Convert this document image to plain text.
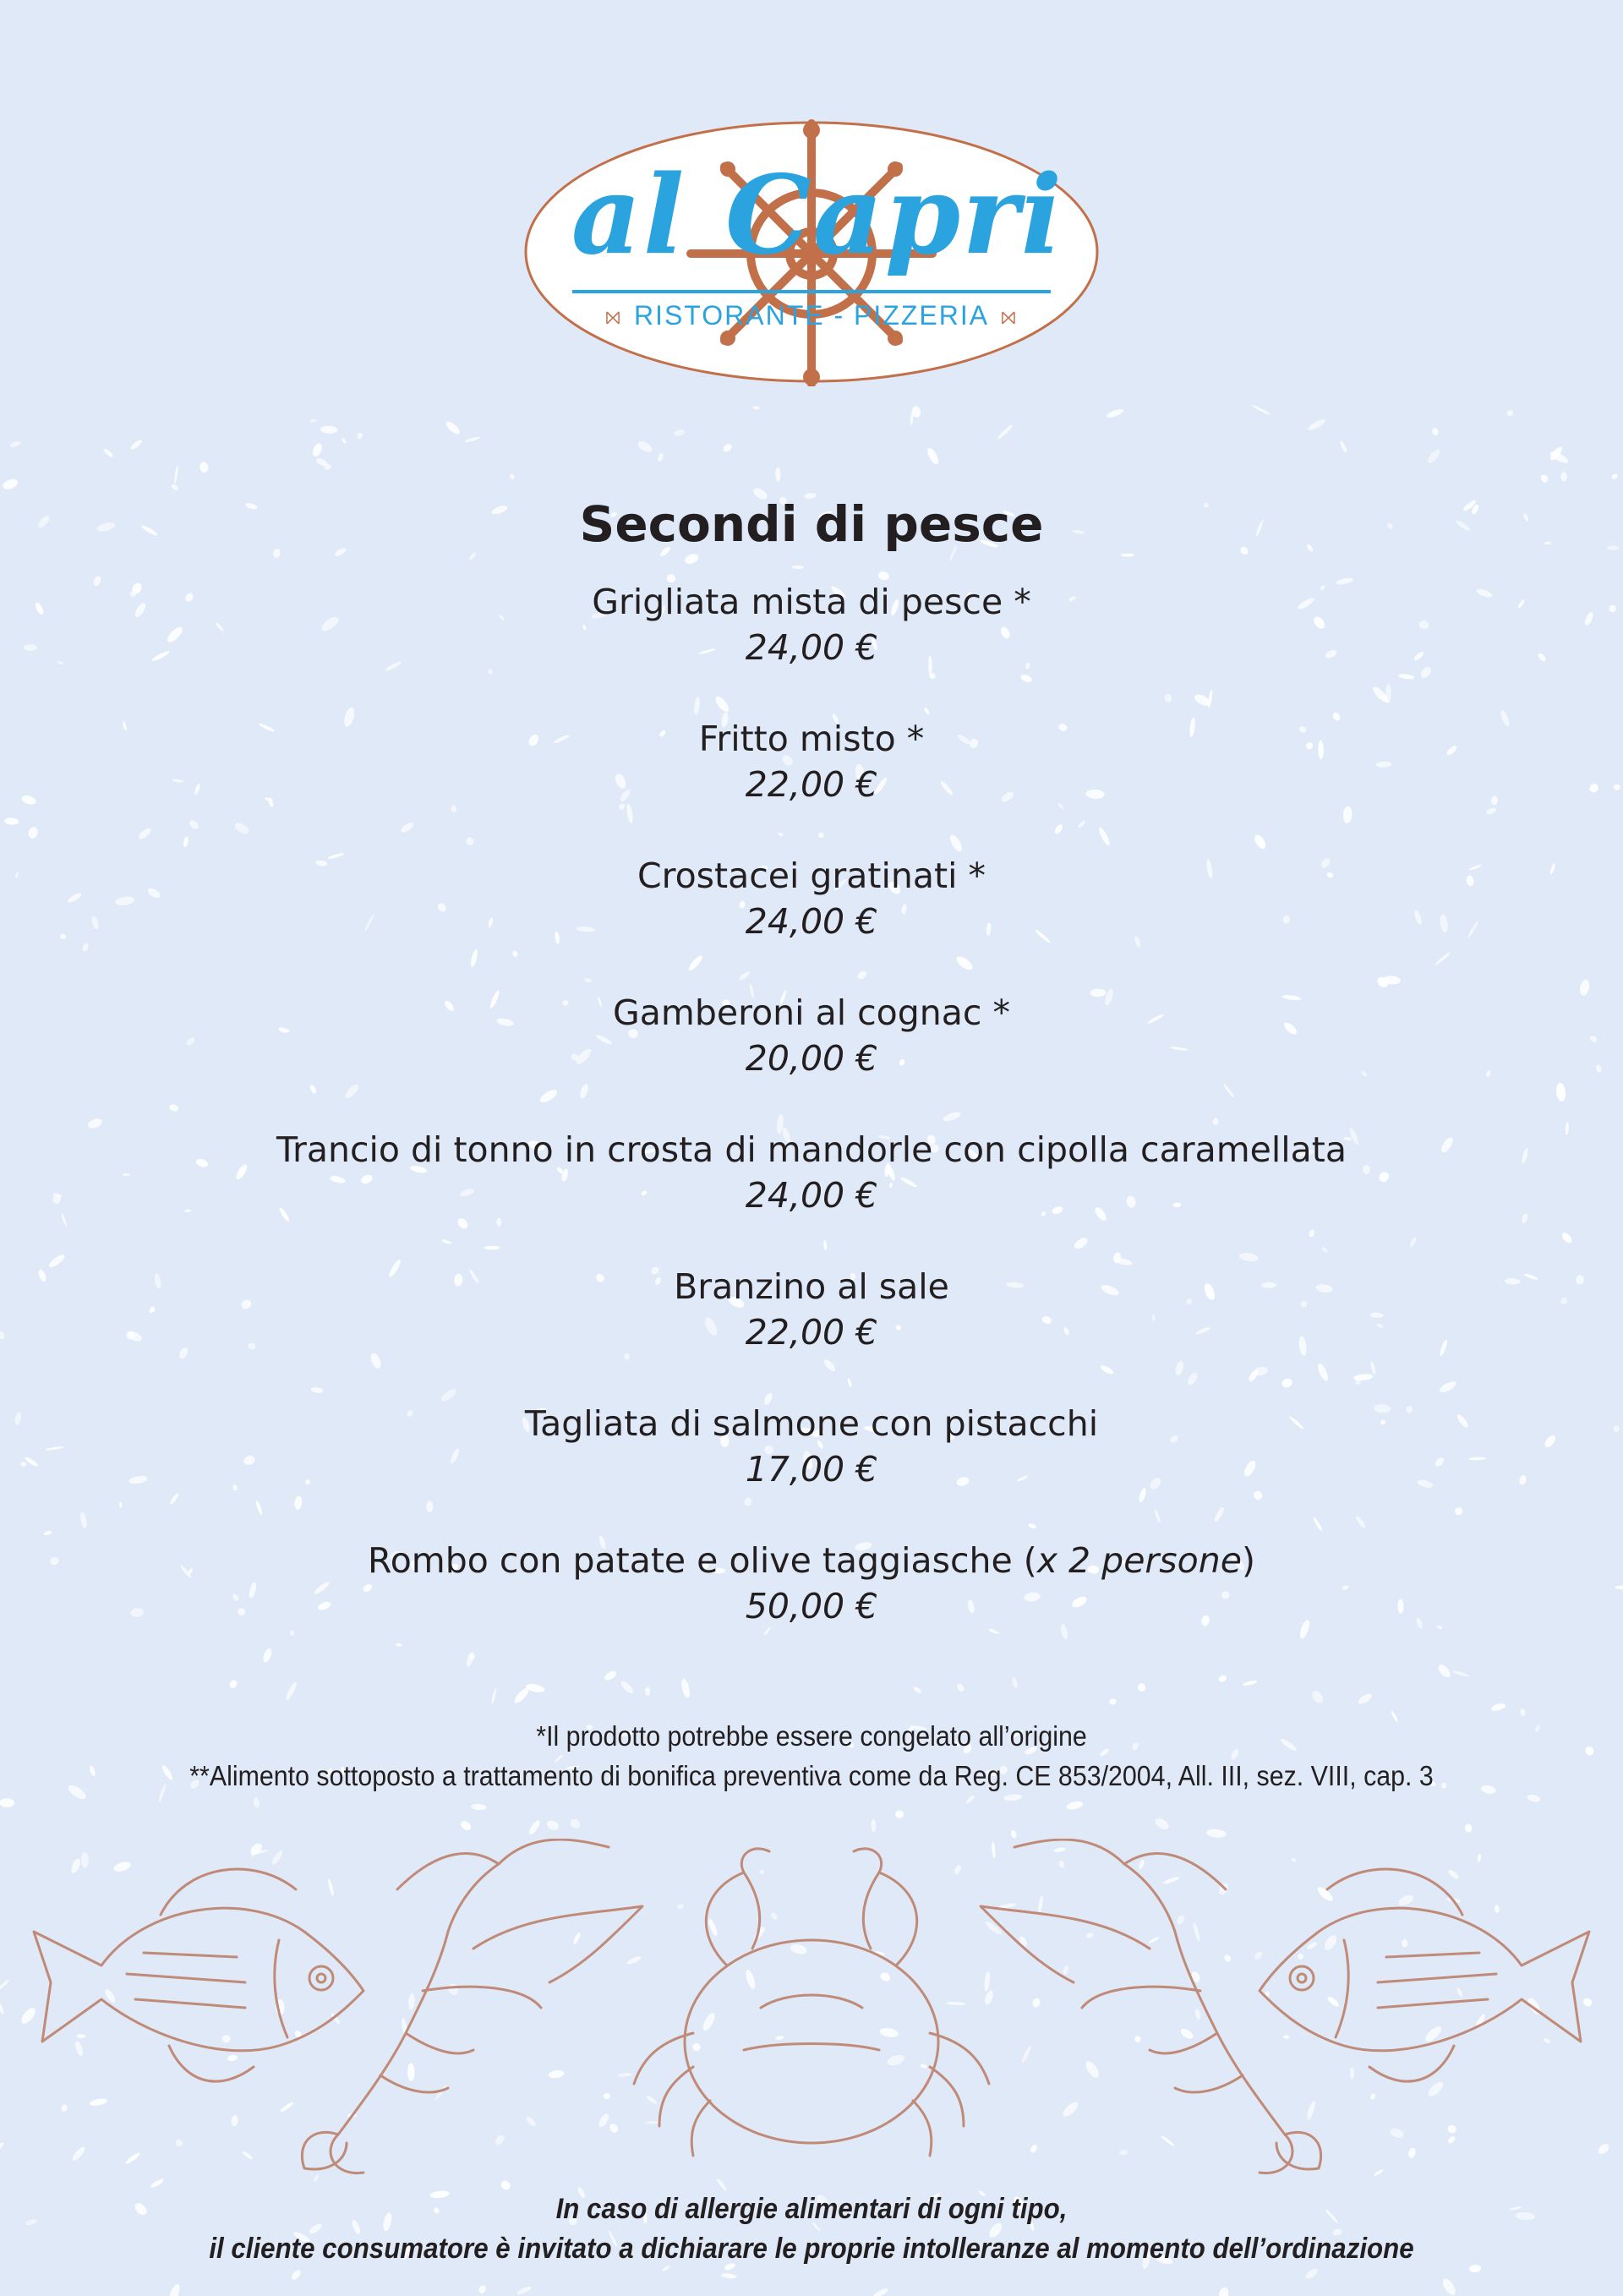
al Capri
⨝ RISTORANTE - PIZZERIA ⨝
Secondi di pesce
Grigliata mista di pesce *
24,00 €
Fritto misto *
22,00 €
Crostacei gratinati *
24,00 €
Gamberoni al cognac *
20,00 €
Trancio di tonno in crosta di mandorle con cipolla caramellata
24,00 €
Branzino al sale
22,00 €
Tagliata di salmone con pistacchi
17,00 €
Rombo con patate e olive taggiasche (x 2 persone)
50,00 €
*Il prodotto potrebbe essere congelato all’origine
**Alimento sottoposto a trattamento di bonifica preventiva come da Reg. CE 853/2004, All. III, sez. VIII, cap. 3
In caso di allergie alimentari di ogni tipo,
il cliente consumatore è invitato a dichiarare le proprie intolleranze al momento dell’ordinazione
